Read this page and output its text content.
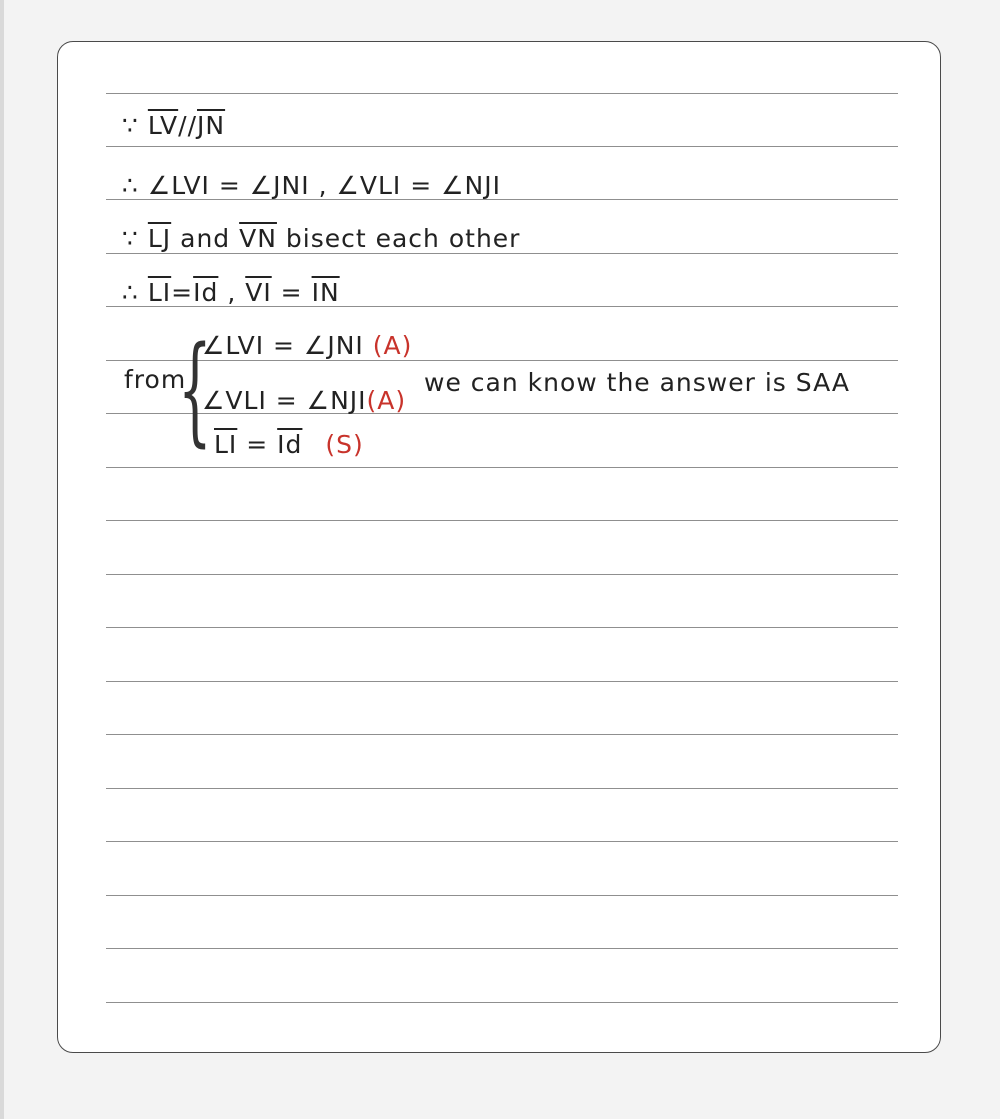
∵ $\overline{LV}//\overline{JN}$
∴ ∠LVI = ∠JNI , ∠VLI = ∠NJI
∵ $\overline{LJ}$ and $\overline{VN}$ bisect each other
∴ $\overline{LI}=\overline{Id}$ , $\overline{VI} = \overline{IN}$
from
{
∠LVI = ∠JNI (A)
∠VLI = ∠NJI(A)
we can know the answer is SAA
$\overline{LI} = \overline{Id}$ (S)
